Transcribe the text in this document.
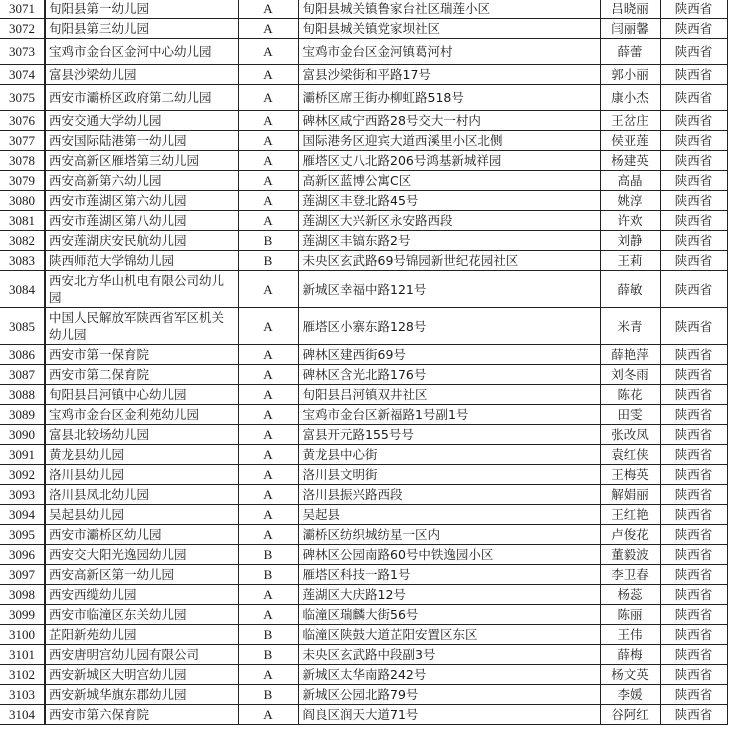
3071	旬阳县第一幼儿园	A	旬阳县城关镇鲁家台社区瑞莲小区	吕晓丽	陕西省
3072	旬阳县第三幼儿园	A	旬阳县城关镇党家坝社区	闫丽馨	陕西省
3073	宝鸡市金台区金河中心幼儿园	A	宝鸡市金台区金河镇葛河村	薛蕾	陕西省
3074	富县沙梁幼儿园	A	富县沙梁街和平路17号	郭小丽	陕西省
3075	西安市灞桥区政府第二幼儿园	A	灞桥区席王街办柳虹路518号	康小杰	陕西省
3076	西安交通大学幼儿园	A	碑林区咸宁西路28号交大一村内	王岔庄	陕西省
3077	西安国际陆港第一幼儿园	A	国际港务区迎宾大道西溪里小区北侧	侯亚莲	陕西省
3078	西安高新区雁塔第三幼儿园	A	雁塔区丈八北路206号鸿基新城祥园	杨建英	陕西省
3079	西安高新第六幼儿园	A	高新区蓝博公寓C区	高晶	陕西省
3080	西安市莲湖区第六幼儿园	A	莲湖区丰登北路45号	姚淳	陕西省
3081	西安市莲湖区第八幼儿园	A	莲湖区大兴新区永安路西段	许欢	陕西省
3082	西安莲湖庆安民航幼儿园	B	莲湖区丰镐东路2号	刘静	陕西省
3083	陕西师范大学锦幼儿园	B	未央区玄武路69号锦园新世纪花园社区	王莉	陕西省
3084	西安北方华山机电有限公司幼儿园	A	新城区幸福中路121号	薛敏	陕西省
3085	中国人民解放军陕西省军区机关幼儿园	A	雁塔区小寨东路128号	米青	陕西省
3086	西安市第一保育院	A	碑林区建西街69号	薛艳萍	陕西省
3087	西安市第二保育院	A	碑林区含光北路176号	刘冬雨	陕西省
3088	旬阳县吕河镇中心幼儿园	A	旬阳县吕河镇双井社区	陈花	陕西省
3089	宝鸡市金台区金利苑幼儿园	A	宝鸡市金台区新福路1号副1号	田雯	陕西省
3090	富县北较场幼儿园	A	富县开元路155号号	张改凤	陕西省
3091	黄龙县幼儿园	A	黄龙县中心街	袁红侠	陕西省
3092	洛川县幼儿园	A	洛川县文明街	王梅英	陕西省
3093	洛川县凤北幼儿园	A	洛川县振兴路西段	解娟丽	陕西省
3094	吴起县幼儿园	A	吴起县	王红艳	陕西省
3095	西安市灞桥区幼儿园	A	灞桥区纺织城纺星一区内	卢俊花	陕西省
3096	西安交大阳光逸园幼儿园	B	碑林区公园南路60号中铁逸园小区	董毅波	陕西省
3097	西安高新区第一幼儿园	B	雁塔区科技一路1号	李卫春	陕西省
3098	西安西缆幼儿园	A	莲湖区大庆路12号	杨蕊	陕西省
3099	西安市临潼区东关幼儿园	A	临潼区瑞麟大街56号	陈丽	陕西省
3100	芷阳新苑幼儿园	B	临潼区陕鼓大道芷阳安置区东区	王伟	陕西省
3101	西安唐明宫幼儿园有限公司	B	未央区玄武路中段副3号	薛梅	陕西省
3102	西安新城区大明宫幼儿园	A	新城区太华南路242号	杨文英	陕西省
3103	西安新城华旗东郡幼儿园	B	新城区公园北路79号	李媛	陕西省
3104	西安市第六保育院	A	阎良区润天大道71号	谷阿红	陕西省
